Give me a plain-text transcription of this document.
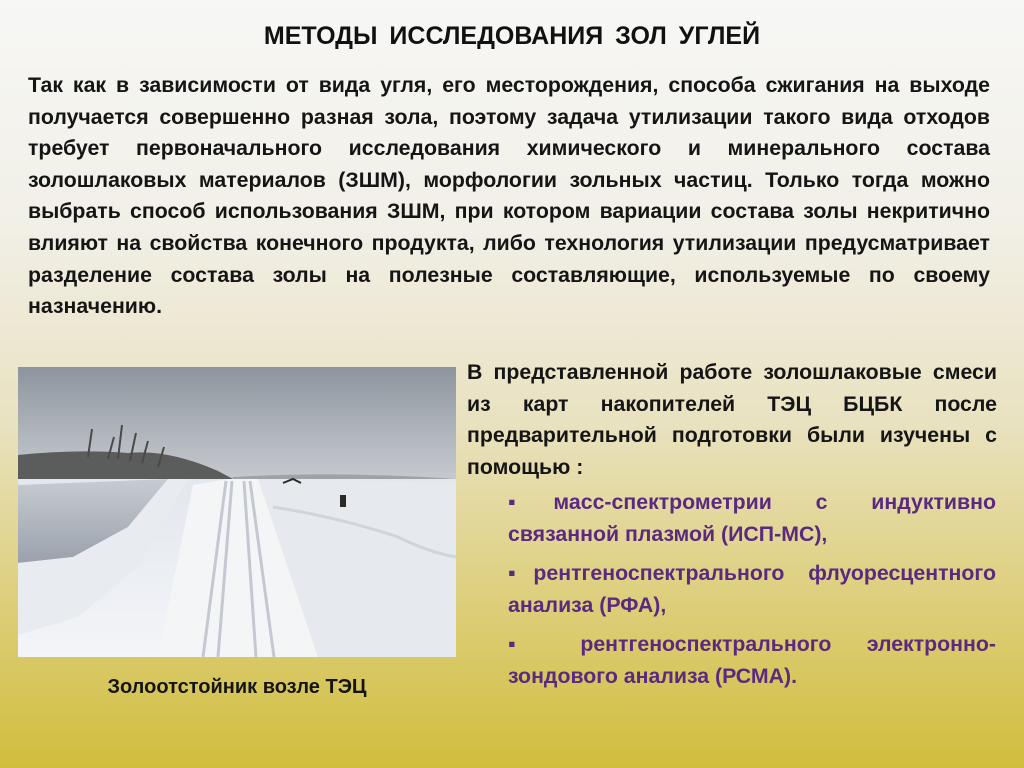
МЕТОДЫ ИССЛЕДОВАНИЯ ЗОЛ УГЛЕЙ

Так как в зависимости от вида угля, его месторождения, способа сжигания на выходе получается совершенно разная зола, поэтому задача утилизации такого вида отходов требует первоначального исследования химического и минерального состава золошлаковых материалов (ЗШМ), морфологии зольных частиц. Только тогда можно выбрать способ использования ЗШМ, при котором вариации состава золы некритично влияют на свойства конечного продукта, либо технология утилизации предусматривает разделение состава золы на полезные составляющие, используемые по своему назначению.

Золоотстойник возле ТЭЦ

В представленной работе золошлаковые смеси из карт накопителей ТЭЦ БЦБК после предварительной подготовки были изучены с помощью :

▪масс-спектрометрии с индуктивно связанной плазмой (ИСП-МС),
▪рентгеноспектрального флуоресцентного анализа (РФА),
▪ рентгеноспектрального электронно-зондового анализа (РСМА).
